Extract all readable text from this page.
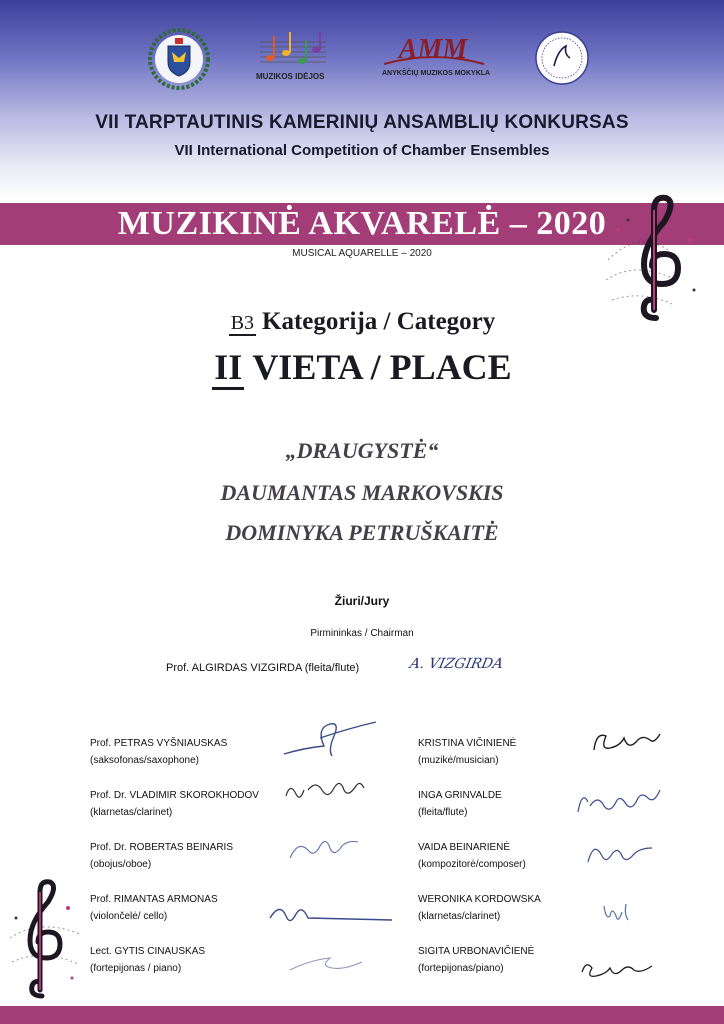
MUZIKOS IDĖJOS
AMM
ANYKŠČIŲ MUZIKOS MOKYKLA
VII TARPTAUTINIS KAMERINIŲ ANSAMBLIŲ KONKURSAS
VII International Competition of Chamber Ensembles
MUZIKINĖ AKVARELĖ – 2020
MUSICAL AQUARELLE – 2020
B3 Kategorija / Category
II VIETA / PLACE
„DRAUGYSTĖ“
DAUMANTAS MARKOVSKIS
DOMINYKA PETRUŠKAITĖ
Žiuri/Jury
Pirmininkas / Chairman
Prof. ALGIRDAS VIZGIRDA (fleita/flute)	A. VIZGIRDA
Prof. PETRAS VYŠNIAUSKAS
(saksofonas/saxophone)
Prof. Dr. VLADIMIR SKOROKHODOV
(klarnetas/clarinet)
Prof. Dr. ROBERTAS BEINARIS
(obojus/oboe)
Prof. RIMANTAS ARMONAS
(violončelė/ cello)
Lect. GYTIS CINAUSKAS
(fortepijonas / piano)
KRISTINA VIČINIENĖ
(muzikė/musician)
INGA GRINVALDE
(fleita/flute)
VAIDA BEINARIENĖ
(kompozitorė/composer)
WERONIKA KORDOWSKA
(klarnetas/clarinet)
SIGITA URBONAVIČIENĖ
(fortepijonas/piano)
